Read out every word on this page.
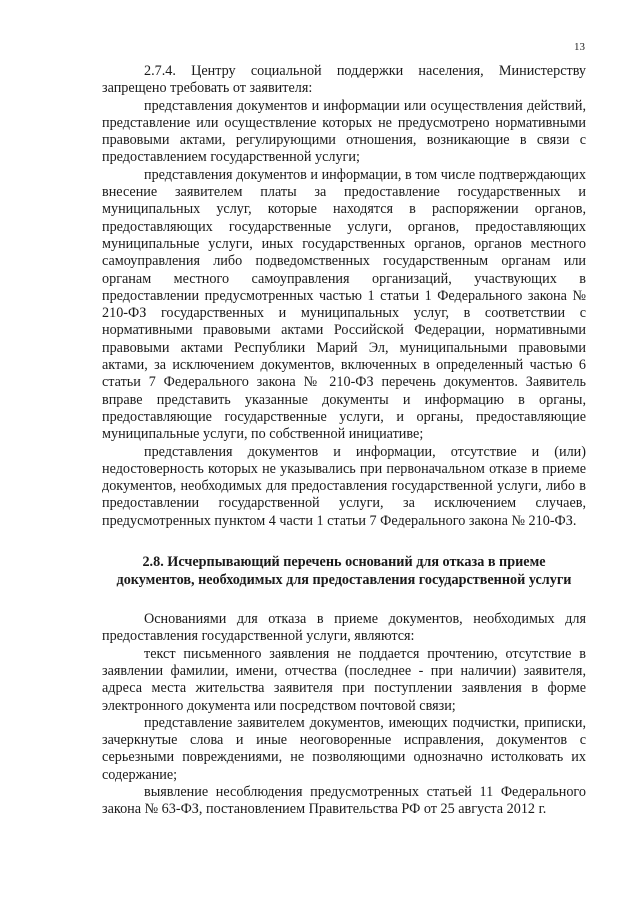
13

2.7.4. Центру социальной поддержки населения, Министерству запрещено требовать от заявителя:

представления документов и информации или осуществления действий, представление или осуществление которых не предусмотрено нормативными правовыми актами, регулирующими отношения, возникающие в связи с предоставлением государственной услуги;

представления документов и информации, в том числе подтверждающих внесение заявителем платы за предоставление государственных и муниципальных услуг, которые находятся в распоряжении органов, предоставляющих государственные услуги, органов, предоставляющих муниципальные услуги, иных государственных органов, органов местного самоуправления либо подведомственных государственным органам или органам местного самоуправления организаций, участвующих в предоставлении предусмотренных частью 1 статьи 1 Федерального закона № 210-ФЗ государственных и муниципальных услуг, в соответствии с нормативными правовыми актами Российской Федерации, нормативными правовыми актами Республики Марий Эл, муниципальными правовыми актами, за исключением документов, включенных в определенный частью 6 статьи 7 Федерального закона № 210-ФЗ перечень документов. Заявитель вправе представить указанные документы и информацию в органы, предоставляющие государственные услуги, и органы, предоставляющие муниципальные услуги, по собственной инициативе;

представления документов и информации, отсутствие и (или) недостоверность которых не указывались при первоначальном отказе в приеме документов, необходимых для предоставления государственной услуги, либо в предоставлении государственной услуги, за исключением случаев, предусмотренных пунктом 4 части 1 статьи 7 Федерального закона № 210-ФЗ.

2.8. Исчерпывающий перечень оснований для отказа в приеме документов, необходимых для предоставления государственной услуги

Основаниями для отказа в приеме документов, необходимых для предоставления государственной услуги, являются:

текст письменного заявления не поддается прочтению, отсутствие в заявлении фамилии, имени, отчества (последнее - при наличии) заявителя, адреса места жительства заявителя при поступлении заявления в форме электронного документа или посредством почтовой связи;

представление заявителем документов, имеющих подчистки, приписки, зачеркнутые слова и иные неоговоренные исправления, документов с серьезными повреждениями, не позволяющими однозначно истолковать их содержание;

выявление несоблюдения предусмотренных статьей 11 Федерального закона № 63-ФЗ, постановлением Правительства РФ от 25 августа 2012 г.
